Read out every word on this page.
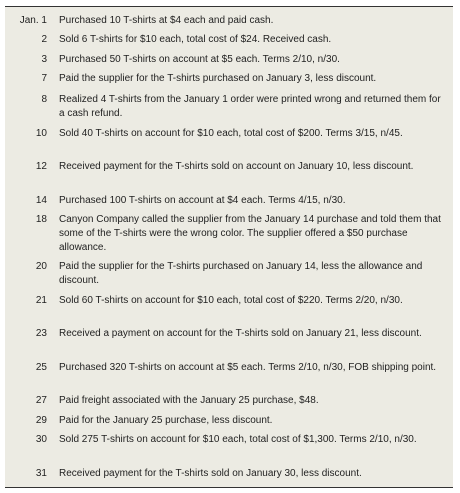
Jan. 1 Purchased 10 T-shirts at $4 each and paid cash.
2 Sold 6 T-shirts for $10 each, total cost of $24. Received cash.
3 Purchased 50 T-shirts on account at $5 each. Terms 2/10, n/30.
7 Paid the supplier for the T-shirts purchased on January 3, less discount.
8 Realized 4 T-shirts from the January 1 order were printed wrong and returned them for a cash refund.
10 Sold 40 T-shirts on account for $10 each, total cost of $200. Terms 3/15, n/45.
12 Received payment for the T-shirts sold on account on January 10, less discount.
14 Purchased 100 T-shirts on account at $4 each. Terms 4/15, n/30.
18 Canyon Company called the supplier from the January 14 purchase and told them that some of the T-shirts were the wrong color. The supplier offered a $50 purchase allowance.
20 Paid the supplier for the T-shirts purchased on January 14, less the allowance and discount.
21 Sold 60 T-shirts on account for $10 each, total cost of $220. Terms 2/20, n/30.
23 Received a payment on account for the T-shirts sold on January 21, less discount.
25 Purchased 320 T-shirts on account at $5 each. Terms 2/10, n/30, FOB shipping point.
27 Paid freight associated with the January 25 purchase, $48.
29 Paid for the January 25 purchase, less discount.
30 Sold 275 T-shirts on account for $10 each, total cost of $1,300. Terms 2/10, n/30.
31 Received payment for the T-shirts sold on January 30, less discount.
